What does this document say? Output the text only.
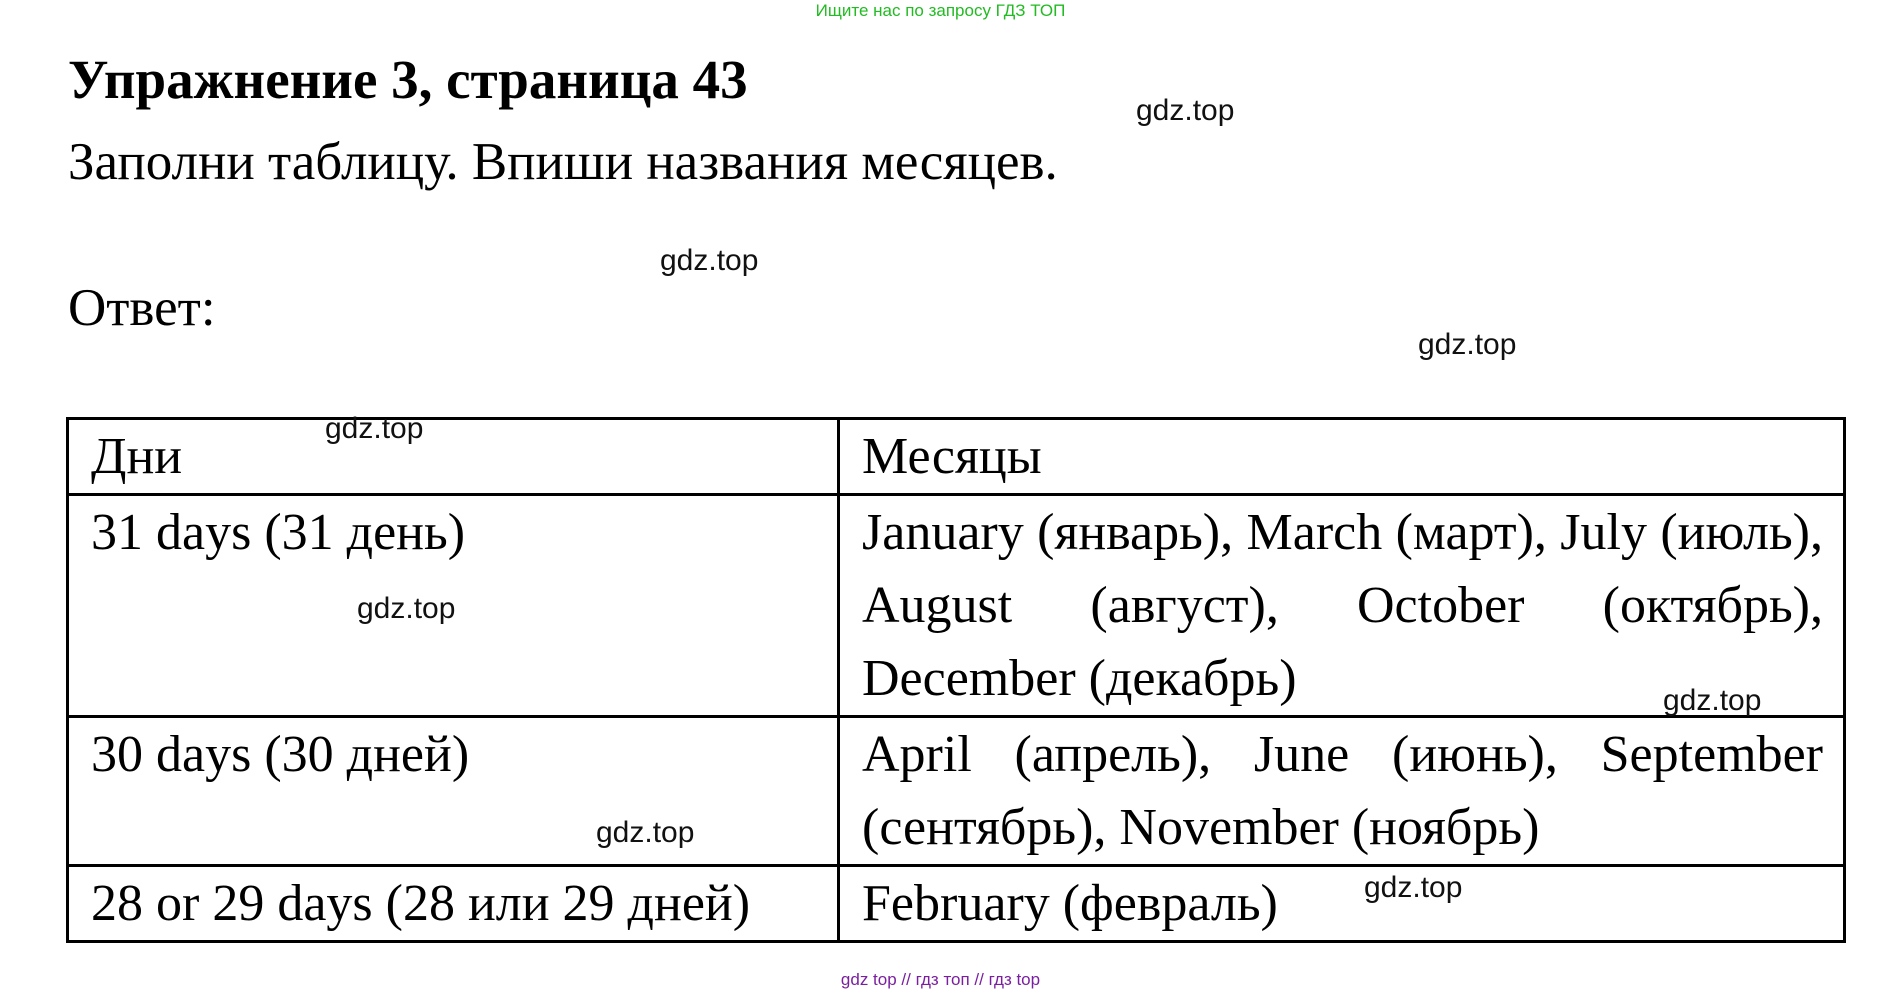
Ищите нас по запросу ГДЗ ТОП
Упражнение 3, страница 43
Заполни таблицу. Впиши названия месяцев.
Ответ:
Дни	Месяцы
31 days (31 день)	January (январь), March (март), July (июль), August (август), October (октябрь), December (декабрь)
30 days (30 дней)	April (апрель), June (июнь), September (сентябрь), November (ноябрь)
28 or 29 days (28 или 29 дней)	February (февраль)
gdz.top
gdz.top
gdz.top
gdz.top
gdz.top
gdz.top
gdz.top
gdz.top
gdz top // гдз топ // гдз top
